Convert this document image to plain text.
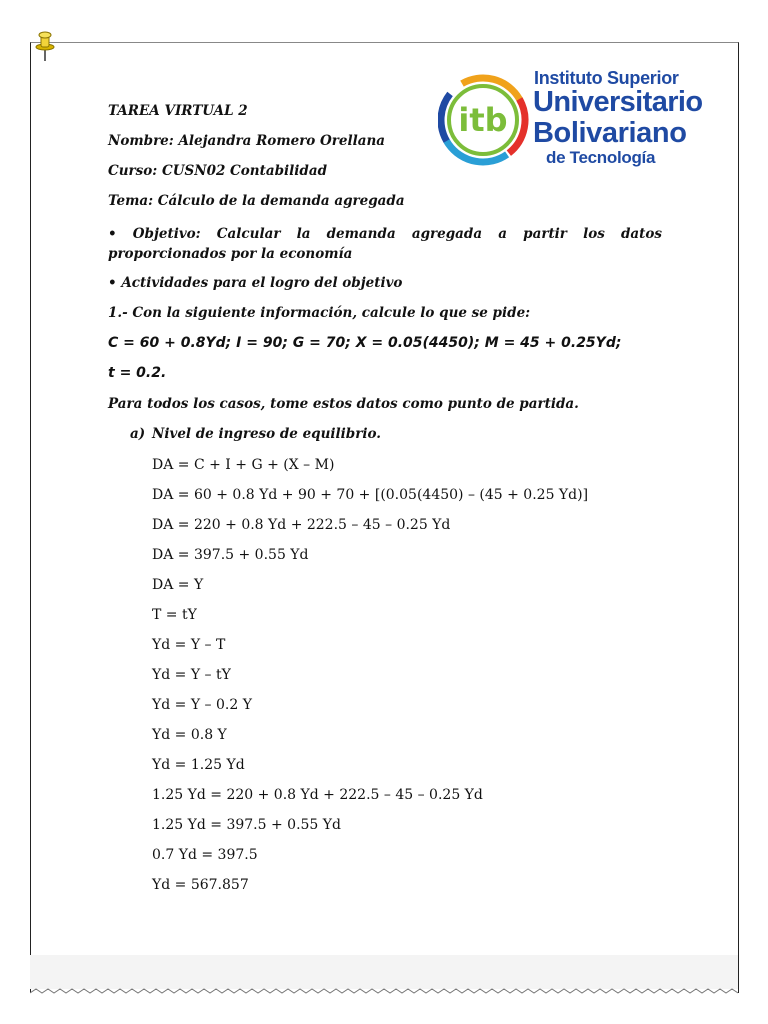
itb
Instituto Superior
Universitario
Bolivariano
de Tecnología
TAREA VIRTUAL 2
Nombre: Alejandra Romero Orellana
Curso: CUSN02 Contabilidad
Tema: Cálculo de la demanda agregada
• Objetivo: Calcular la demanda agregada a partir los datos proporcionados por la economía
• Actividades para el logro del objetivo
1.- Con la siguiente información, calcule lo que se pide:
C = 60 + 0.8Yd; I = 90; G = 70; X = 0.05(4450); M = 45 + 0.25Yd;
t = 0.2.
Para todos los casos, tome estos datos como punto de partida.
a) Nivel de ingreso de equilibrio.
DA = C + I + G + (X – M)
DA = 60 + 0.8 Yd + 90 + 70 + [(0.05(4450) – (45 + 0.25 Yd)]
DA = 220 + 0.8 Yd + 222.5 – 45 – 0.25 Yd
DA = 397.5 + 0.55 Yd
DA = Y
T = tY
Yd = Y – T
Yd = Y – tY
Yd = Y – 0.2 Y
Yd = 0.8 Y
Yd = 1.25 Yd
1.25 Yd = 220 + 0.8 Yd + 222.5 – 45 – 0.25 Yd
1.25 Yd = 397.5 + 0.55 Yd
0.7 Yd = 397.5
Yd = 567.857
